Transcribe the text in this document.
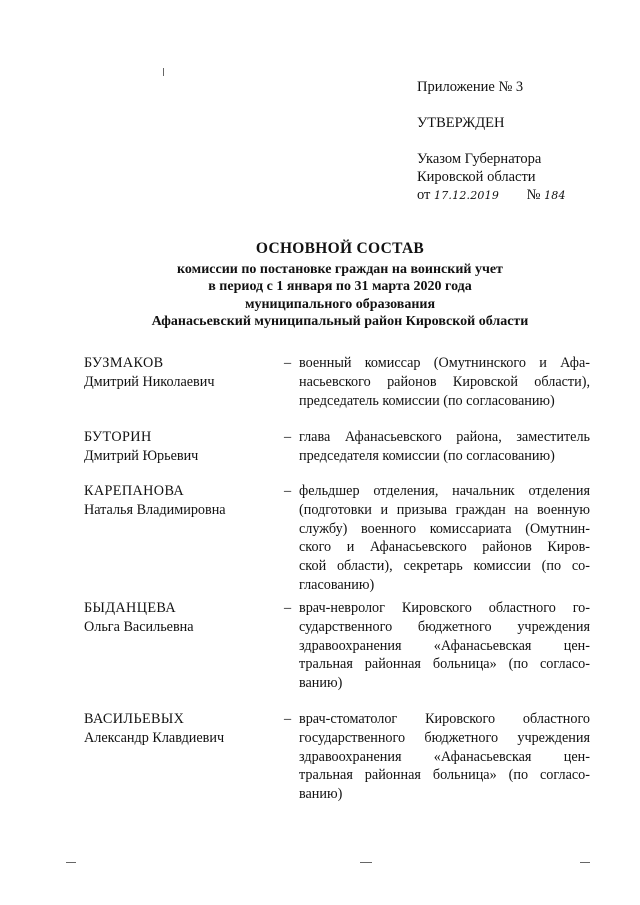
Приложение № 3
УТВЕРЖДЕН
Указом Губернатора
Кировской области
от 17.12.2019 № 184
ОСНОВНОЙ СОСТАВ
комиссии по постановке граждан на воинский учет
в период с 1 января по 31 марта 2020 года
муниципального образования
Афанасьевский муниципальный район Кировской области
БУЗМАКОВ
Дмитрий Николаевич
– военный комиссар (Омутнинского и Афа-
насьевского районов Кировской области),
председатель комиссии (по согласованию)
БУТОРИН
Дмитрий Юрьевич
– глава Афанасьевского района, заместитель
председателя комиссии (по согласованию)
КАРЕПАНОВА
Наталья Владимировна
– фельдшер отделения, начальник отделения
(подготовки и призыва граждан на военную
службу) военного комиссариата (Омутнин-
ского и Афанасьевского районов Киров-
ской области), секретарь комиссии (по со-
гласованию)
БЫДАНЦЕВА
Ольга Васильевна
– врач-невролог Кировского областного го-
сударственного бюджетного учреждения
здравоохранения «Афанасьевская цен-
тральная районная больница» (по согласо-
ванию)
ВАСИЛЬЕВЫХ
Александр Клавдиевич
– врач-стоматолог Кировского областного
государственного бюджетного учреждения
здравоохранения «Афанасьевская цен-
тральная районная больница» (по согласо-
ванию)
